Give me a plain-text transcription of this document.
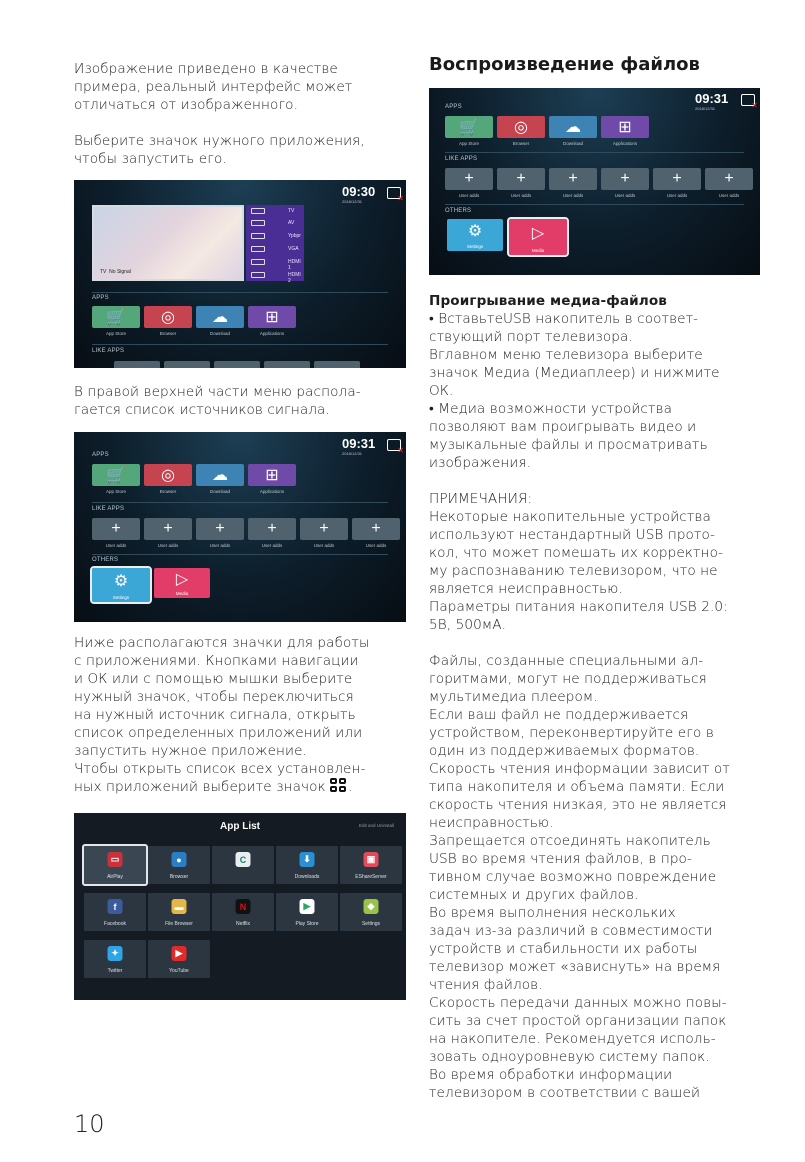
Изображение приведено в качестве
примера, реальный интерфейс может
отличаться от изображенного.

Выберите значок нужного приложения,
чтобы запустить его.

09:30
2018/12/31
✕
TV No Signal
TV
AV
Ypbpr
VGA
HDMI 1
HDMI 2
APPS
🛒
App Store
◎
Browser
☁
Download
⊞
Applications
LIKE APPS

В правой верхней части меню распола-
гается список источников сигнала.

09:31
2018/12/31
✕
APPS
🛒
App Store
◎
Browser
☁
Download
⊞
Applications
LIKE APPS
+
User adds
+
User adds
+
User adds
+
User adds
+
User adds
+
User adds
OTHERS
⚙
Settings
▷
Media

Ниже располагаются значки для работы
с приложениями. Кнопками навигации
и ОК или с помощью мышки выберите
нужный значок, чтобы переключиться
на нужный источник сигнала, открыть
список определенных приложений или
запустить нужное приложение.
Чтобы открыть список всех установлен-
ных приложений выберите значок .

App List	Edit and Uninstall
▭
AirPlay
●
Browser
C	⬇
Downloads
▣
EShareServer
f
Facebook
▬
File Browser
N
Netflix
▶
Play Store
◆
Settings
✦
Twitter
▶
YouTube
Воспроизведение файлов
09:31
2018/12/31
✕
APPS
🛒
App Store
◎
Browser
☁
Download
⊞
Applications
LIKE APPS
+
User adds
+
User adds
+
User adds
+
User adds
+
User adds
+
User adds
OTHERS
⚙
Settings
▷
Media

Проигрывание медиа-файлов

• ВставьтеUSB накопитель в соответ-
ствующий порт телевизора.
Вглавном меню телевизора выберите
значок Медиа (Медиаплеер) и нижмите
ОК.
• Медиа возможности устройства
позволяют вам проигрывать видео и
музыкальные файлы и просматривать
изображения.

ПРИМЕЧАНИЯ:
Некоторые накопительные устройства
используют нестандартный USB прото-
кол, что может помешать их корректно-
му распознаванию телевизором, что не
является неисправностью.
Параметры питания накопителя USB 2.0:
5В, 500мА.

Файлы, созданные специальными ал-
горитмами, могут не поддерживаться
мультимедиа плеером.
Если ваш файл не поддерживается
устройством, переконвертируйте его в
один из поддерживаемых форматов.
Скорость чтения информации зависит от
типа накопителя и объема памяти. Если
скорость чтения низкая, это не является
неисправностью.
Запрещается отсоединять накопитель
USB во время чтения файлов, в про-
тивном случае возможно повреждение
системных и других файлов.
Во время выполнения нескольких
задач из-за различий в совместимости
устройств и стабильности их работы
телевизор может «зависнуть» на время
чтения файлов.
Скорость передачи данных можно повы-
сить за счет простой организации папок
на накопителе. Рекомендуется исполь-
зовать одноуровневую систему папок.
Во время обработки информации
телевизором в соответствии с вашей

10
